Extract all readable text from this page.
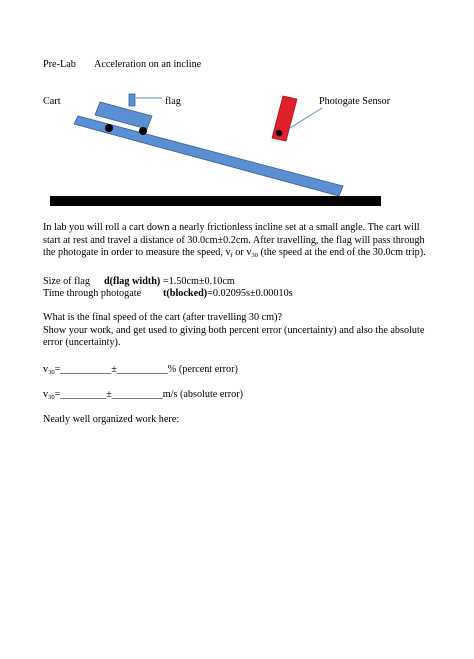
Pre-Lab Acceleration on an incline
Cart	flag	Photogate Sensor
In lab you will roll a cart down a nearly frictionless incline set at a small angle. The cart will
start at rest and travel a distance of 30.0cm±0.2cm. After travelling, the flag will pass through
the photogate in order to measure the speed, vf or v30 (the speed at the end of the 30.0cm trip).
Size of flag d(flag width) =1.50cm±0.10cm
Time through photogate t(blocked)=0.02095s±0.00010s
What is the final speed of the cart (after travelling 30 cm)?
Show your work, and get used to giving both percent error (uncertainty) and also the absolute
error (uncertainty).
v30=__________±__________% (percent error)
v30=_________±__________m/s (absolute error)
Neatly well organized work here:
